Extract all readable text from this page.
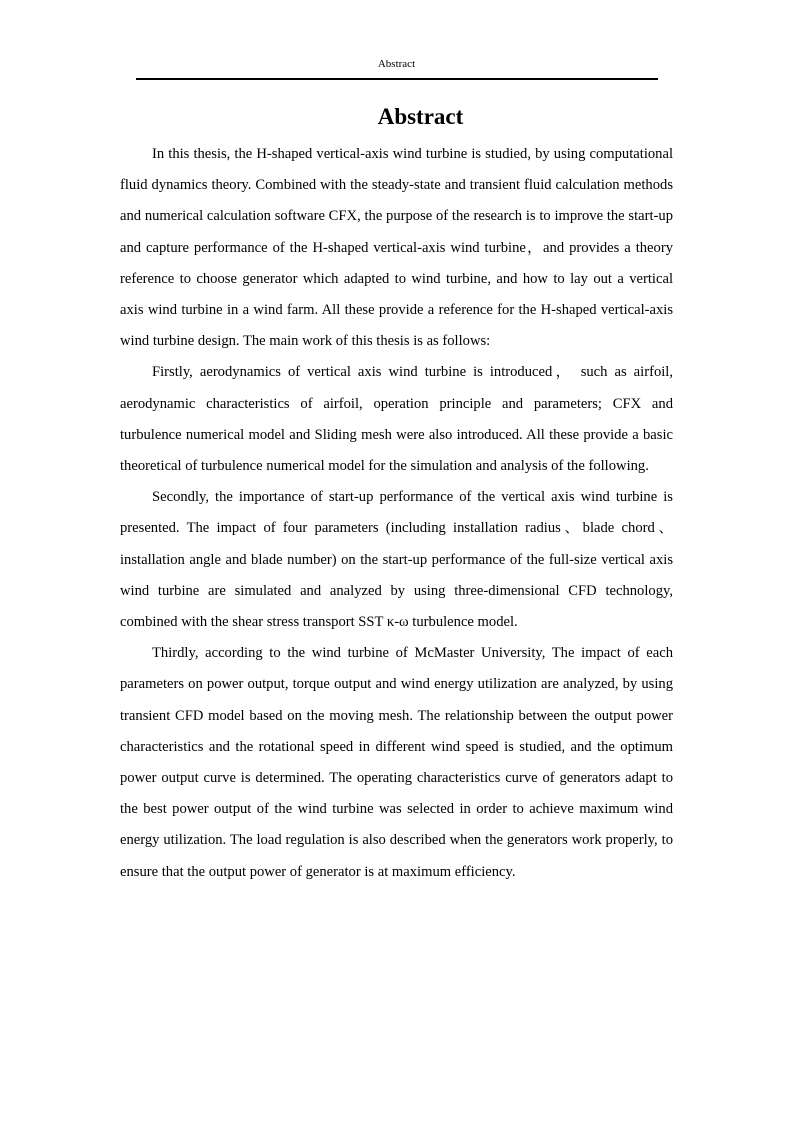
Abstract
Abstract

In this thesis, the H-shaped vertical-axis wind turbine is studied, by using computational fluid dynamics theory. Combined with the steady-state and transient fluid calculation methods and numerical calculation software CFX, the purpose of the research is to improve the start-up and capture performance of the H-shaped vertical-axis wind turbine，and provides a theory reference to choose generator which adapted to wind turbine, and how to lay out a vertical axis wind turbine in a wind farm. All these provide a reference for the H-shaped vertical-axis wind turbine design. The main work of this thesis is as follows:

Firstly, aerodynamics of vertical axis wind turbine is introduced， such as airfoil, aerodynamic characteristics of airfoil, operation principle and parameters; CFX and turbulence numerical model and Sliding mesh were also introduced. All these provide a basic theoretical of turbulence numerical model for the simulation and analysis of the following.

Secondly, the importance of start-up performance of the vertical axis wind turbine is presented. The impact of four parameters (including installation radius、blade chord、installation angle and blade number) on the start-up performance of the full-size vertical axis wind turbine are simulated and analyzed by using three-dimensional CFD technology, combined with the shear stress transport SST κ-ω turbulence model.

Thirdly, according to the wind turbine of McMaster University, The impact of each parameters on power output, torque output and wind energy utilization are analyzed, by using transient CFD model based on the moving mesh. The relationship between the output power characteristics and the rotational speed in different wind speed is studied, and the optimum power output curve is determined. The operating characteristics curve of generators adapt to the best power output of the wind turbine was selected in order to achieve maximum wind energy utilization. The load regulation is also described when the generators work properly, to ensure that the output power of generator is at maximum efficiency.
